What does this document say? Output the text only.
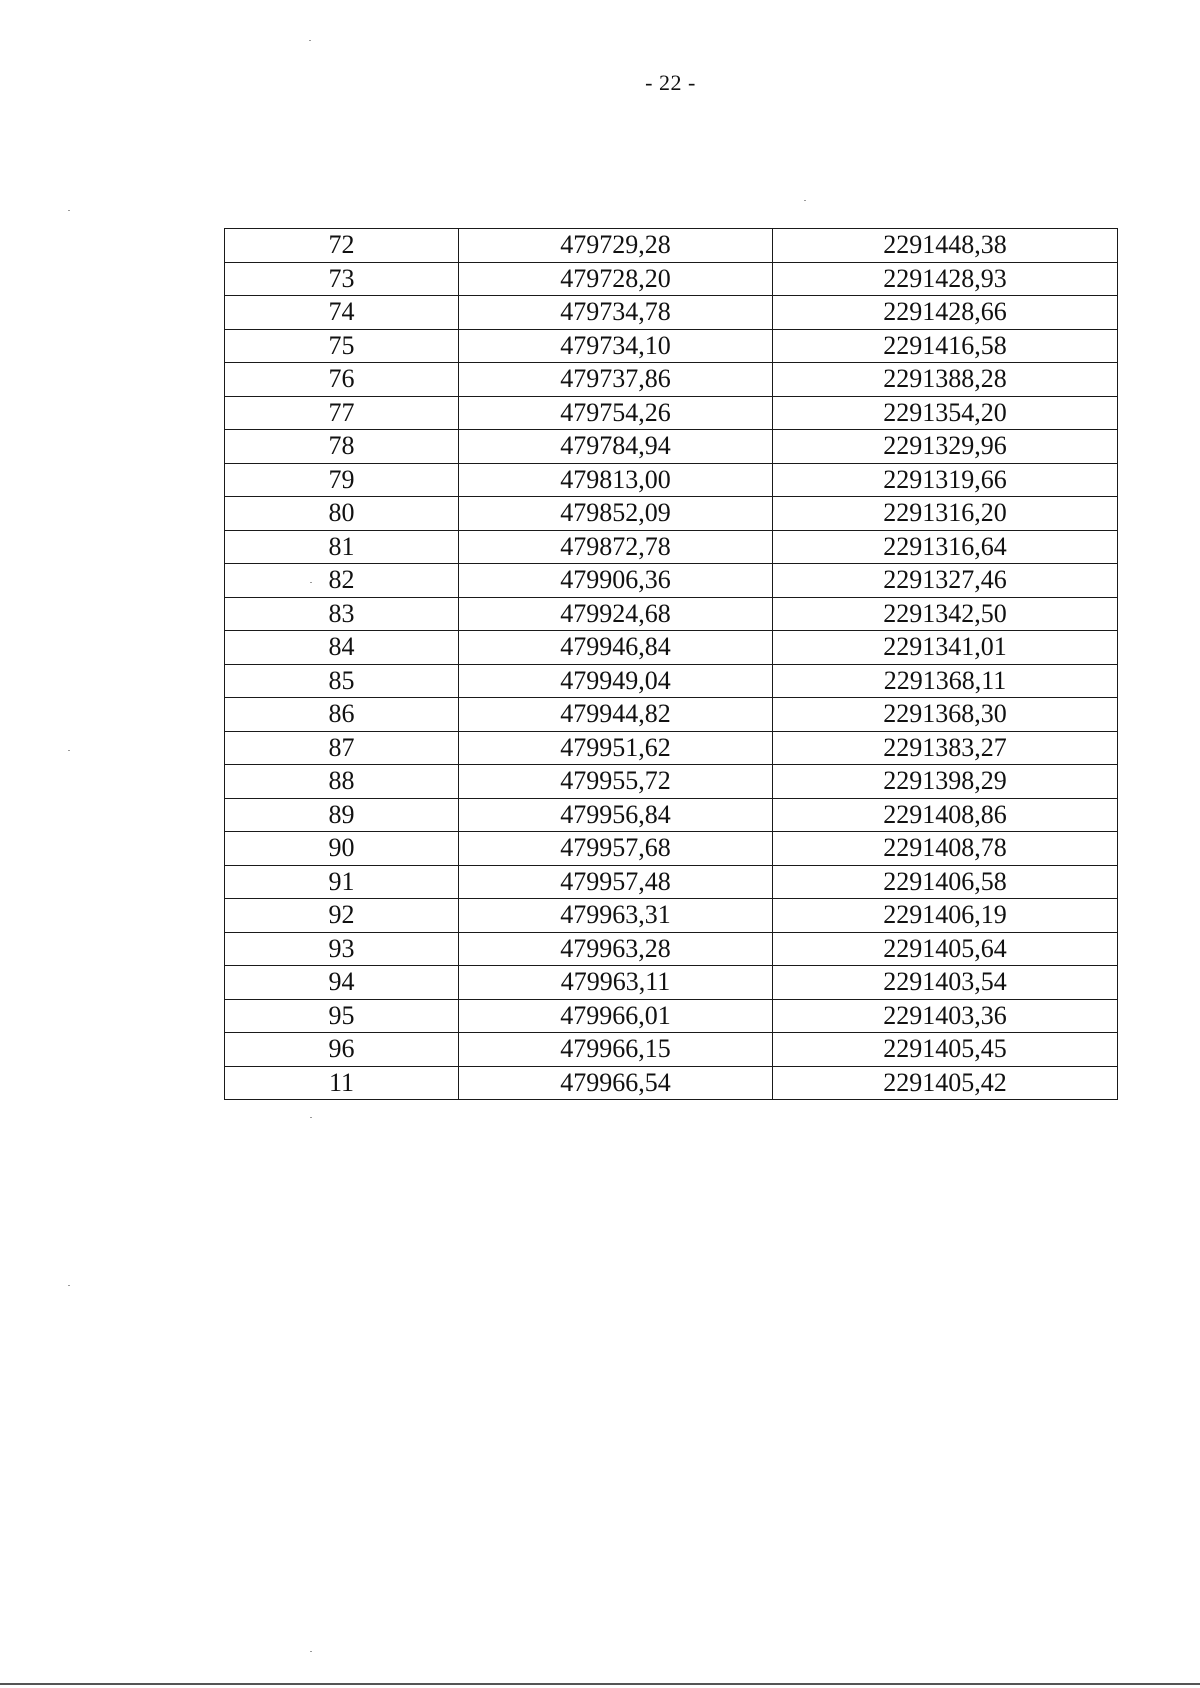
- 22 -
72	479729,28	2291448,38
73	479728,20	2291428,93
74	479734,78	2291428,66
75	479734,10	2291416,58
76	479737,86	2291388,28
77	479754,26	2291354,20
78	479784,94	2291329,96
79	479813,00	2291319,66
80	479852,09	2291316,20
81	479872,78	2291316,64
82	479906,36	2291327,46
83	479924,68	2291342,50
84	479946,84	2291341,01
85	479949,04	2291368,11
86	479944,82	2291368,30
87	479951,62	2291383,27
88	479955,72	2291398,29
89	479956,84	2291408,86
90	479957,68	2291408,78
91	479957,48	2291406,58
92	479963,31	2291406,19
93	479963,28	2291405,64
94	479963,11	2291403,54
95	479966,01	2291403,36
96	479966,15	2291405,45
11	479966,54	2291405,42
